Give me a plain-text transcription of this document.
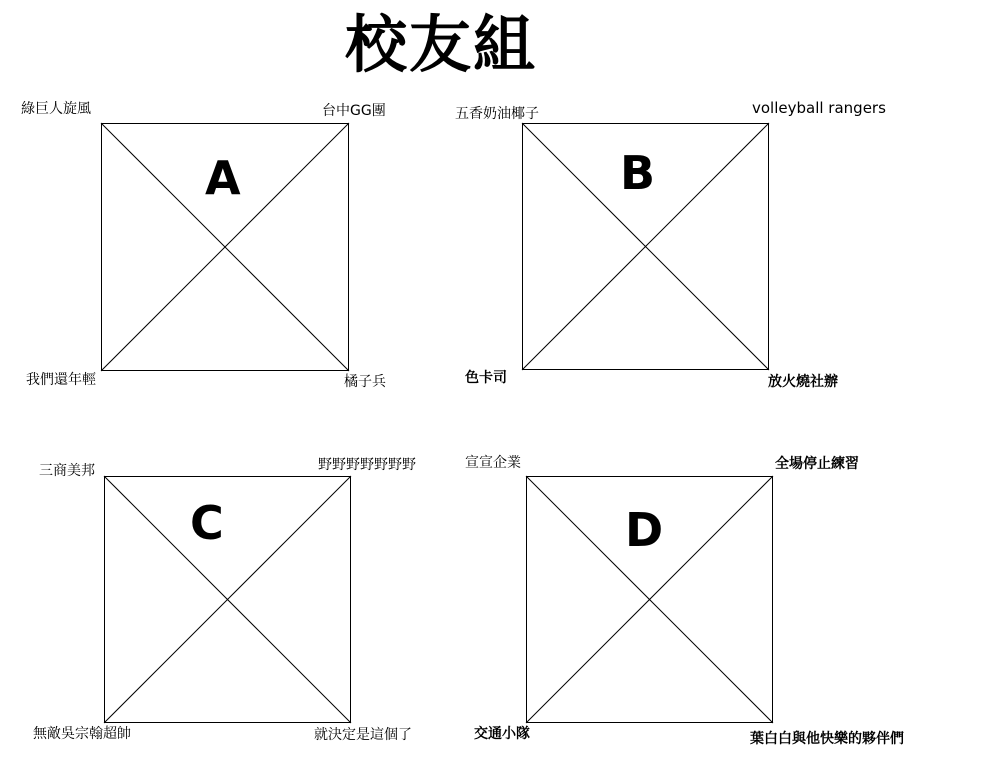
校友組
A
綠巨人旋風	台中GG團
我們還年輕	橘子兵
B
五香奶油椰子	volleyball rangers
色卡司	放火燒社辦
C
三商美邦	野野野野野野野
無敵吳宗翰超帥	就決定是這個了
D
宣宣企業	全場停止練習
交通小隊	葉白白與他快樂的夥伴們
